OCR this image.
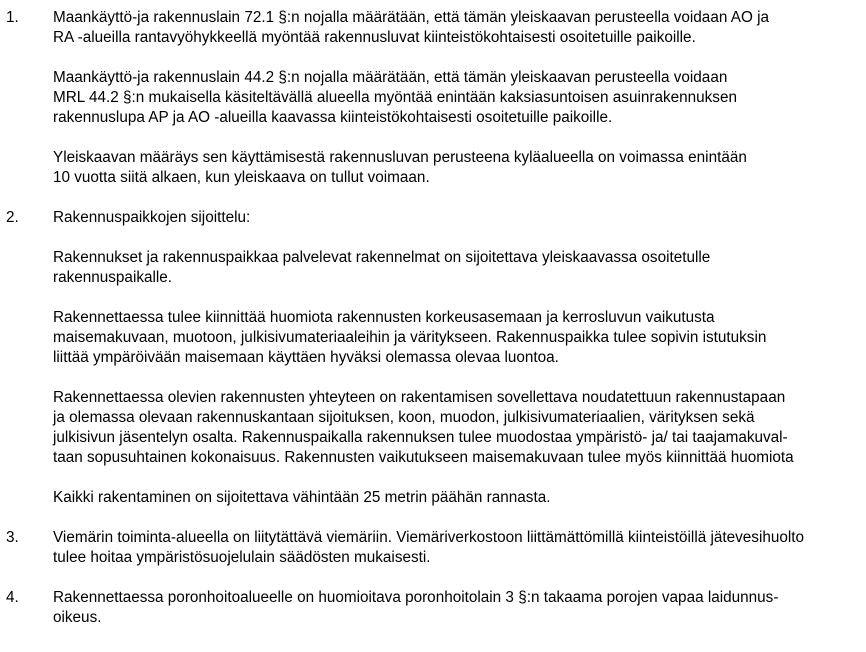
1. Maankäyttö-ja rakennuslain 72.1 §:n nojalla määrätään, että tämän yleiskaavan perusteella voidaan AO ja
RA -alueilla rantavyöhykkeellä myöntää rakennusluvat kiinteistökohtaisesti osoitetuille paikoille.

Maankäyttö-ja rakennuslain 44.2 §:n nojalla määrätään, että tämän yleiskaavan perusteella voidaan
MRL 44.2 §:n mukaisella käsiteltävällä alueella myöntää enintään kaksiasuntoisen asuinrakennuksen
rakennuslupa AP ja AO -alueilla kaavassa kiinteistökohtaisesti osoitetuille paikoille.

Yleiskaavan määräys sen käyttämisestä rakennusluvan perusteena kyläalueella on voimassa enintään
10 vuotta siitä alkaen, kun yleiskaava on tullut voimaan.

2. Rakennuspaikkojen sijoittelu:

Rakennukset ja rakennuspaikkaa palvelevat rakennelmat on sijoitettava yleiskaavassa osoitetulle
rakennuspaikalle.

Rakennettaessa tulee kiinnittää huomiota rakennusten korkeusasemaan ja kerrosluvun vaikutusta
maisemakuvaan, muotoon, julkisivumateriaaleihin ja väritykseen. Rakennuspaikka tulee sopivin istutuksin
liittää ympäröivään maisemaan käyttäen hyväksi olemassa olevaa luontoa.

Rakennettaessa olevien rakennusten yhteyteen on rakentamisen sovellettava noudatettuun rakennustapaan
ja olemassa olevaan rakennuskantaan sijoituksen, koon, muodon, julkisivumateriaalien, värityksen sekä
julkisivun jäsentelyn osalta. Rakennuspaikalla rakennuksen tulee muodostaa ympäristö- ja/ tai taajamakuval-
taan sopusuhtainen kokonaisuus. Rakennusten vaikutukseen maisemakuvaan tulee myös kiinnittää huomiota

Kaikki rakentaminen on sijoitettava vähintään 25 metrin päähän rannasta.

3. Viemärin toiminta-alueella on liitytättävä viemäriin. Viemäriverkostoon liittämättömillä kiinteistöillä jätevesihuolto
tulee hoitaa ympäristösuojelulain säädösten mukaisesti.

4. Rakennettaessa poronhoitoalueelle on huomioitava poronhoitolain 3 §:n takaama porojen vapaa laidunnus-
oikeus.
